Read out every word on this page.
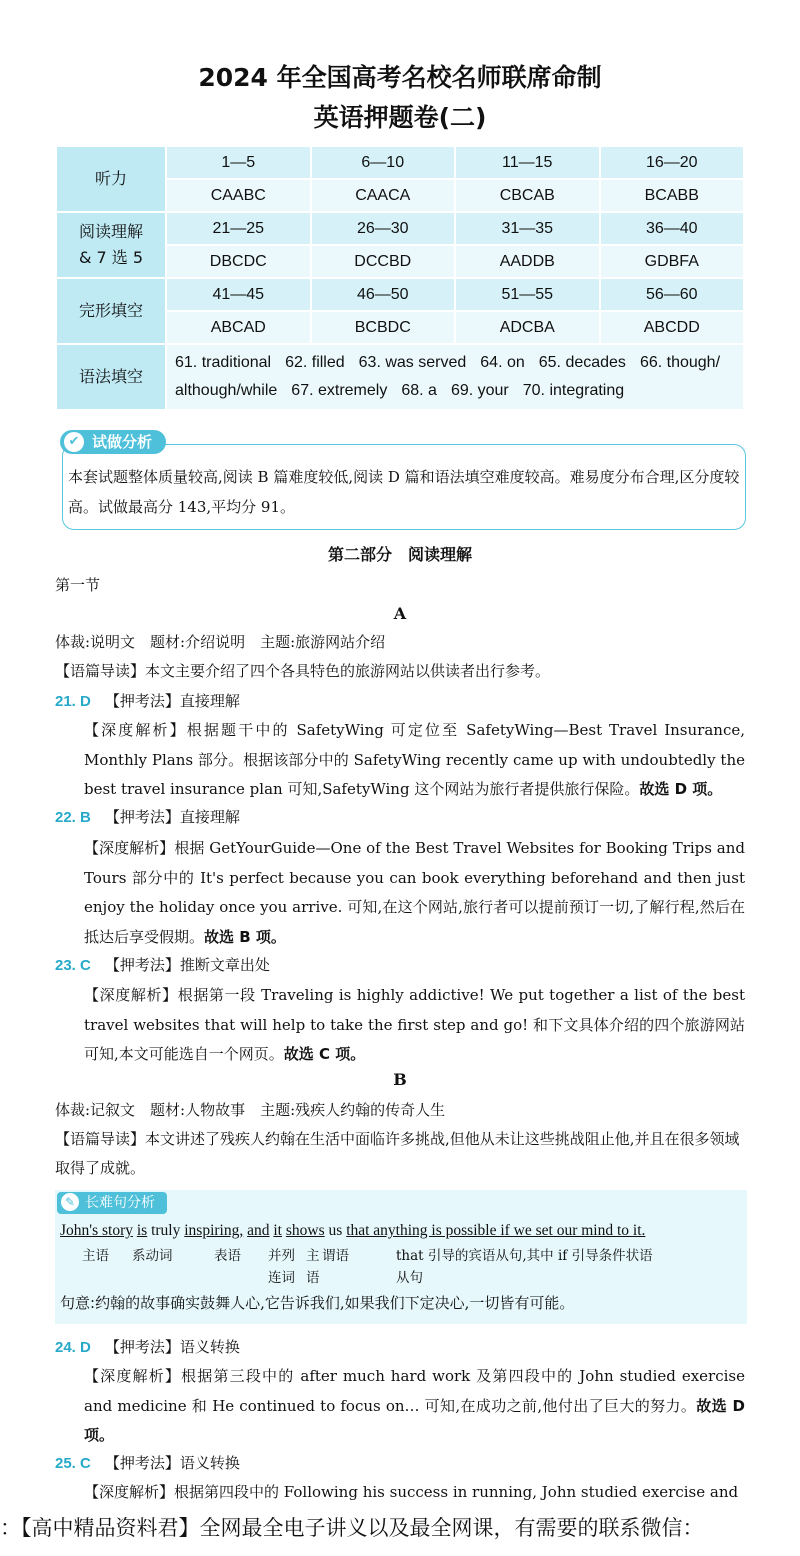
2024 年全国高考名校名师联席命制
英语押题卷(二)
听力	1—5	6—10	11—15	16—20
	CAABC	CAACA	CBCAB	BCABB
阅读理解
& 7 选 5	21—25	26—30	31—35	36—40
	DBCDC	DCCBD	AADDB	GDBFA
完形填空	41—45	46—50	51—55	56—60
	ABCAD	BCBDC	ADCBA	ABCDD
语法填空	61. traditional 62. filled 63. was served 64. on 65. decades 66. though/
although/while 67. extremely 68. a 69. your 70. integrating			
✔ 试做分析
本套试题整体质量较高,阅读 B 篇难度较低,阅读 D 篇和语法填空难度较高。难易度分布合理,区分度较高。试做最高分 143,平均分 91。
第二部分　阅读理解
第一节
A
体裁:说明文　题材:介绍说明　主题:旅游网站介绍
【语篇导读】本文主要介绍了四个各具特色的旅游网站以供读者出行参考。
21. D 【押考法】直接理解
【深度解析】根据题干中的 SafetyWing 可定位至 SafetyWing—Best Travel Insurance, Monthly Plans 部分。根据该部分中的 SafetyWing recently came up with undoubtedly the best travel insurance plan 可知,SafetyWing 这个网站为旅行者提供旅行保险。故选 D 项。
22. B 【押考法】直接理解
【深度解析】根据 GetYourGuide—One of the Best Travel Websites for Booking Trips and Tours 部分中的 It's perfect because you can book everything beforehand and then just enjoy the holiday once you arrive. 可知,在这个网站,旅行者可以提前预订一切,了解行程,然后在抵达后享受假期。故选 B 项。
23. C 【押考法】推断文章出处
【深度解析】根据第一段 Traveling is highly addictive! We put together a list of the best travel websites that will help to take the first step and go! 和下文具体介绍的四个旅游网站可知,本文可能选自一个网页。故选 C 项。
B
体裁:记叙文　题材:人物故事　主题:残疾人约翰的传奇人生
【语篇导读】本文讲述了残疾人约翰在生活中面临许多挑战,但他从未让这些挑战阻止他,并且在很多领域取得了成就。
✎ 长难句分析
John's story is truly inspiring, and it shows us that anything is possible if we set our mind to it.
主语 系动词	表语 并列
连词
主 谓语
语
that 引导的宾语从句,其中 if 引导条件状语
从句
句意:约翰的故事确实鼓舞人心,它告诉我们,如果我们下定决心,一切皆有可能。
24. D 【押考法】语义转换
【深度解析】根据第三段中的 after much hard work 及第四段中的 John studied exercise and medicine 和 He continued to focus on… 可知,在成功之前,他付出了巨大的努力。故选 D 项。
25. C 【押考法】语义转换
【深度解析】根据第四段中的 Following his success in running, John studied exercise and
：【高中精品资料君】全网最全电子讲义以及最全网课，有需要的联系微信：
